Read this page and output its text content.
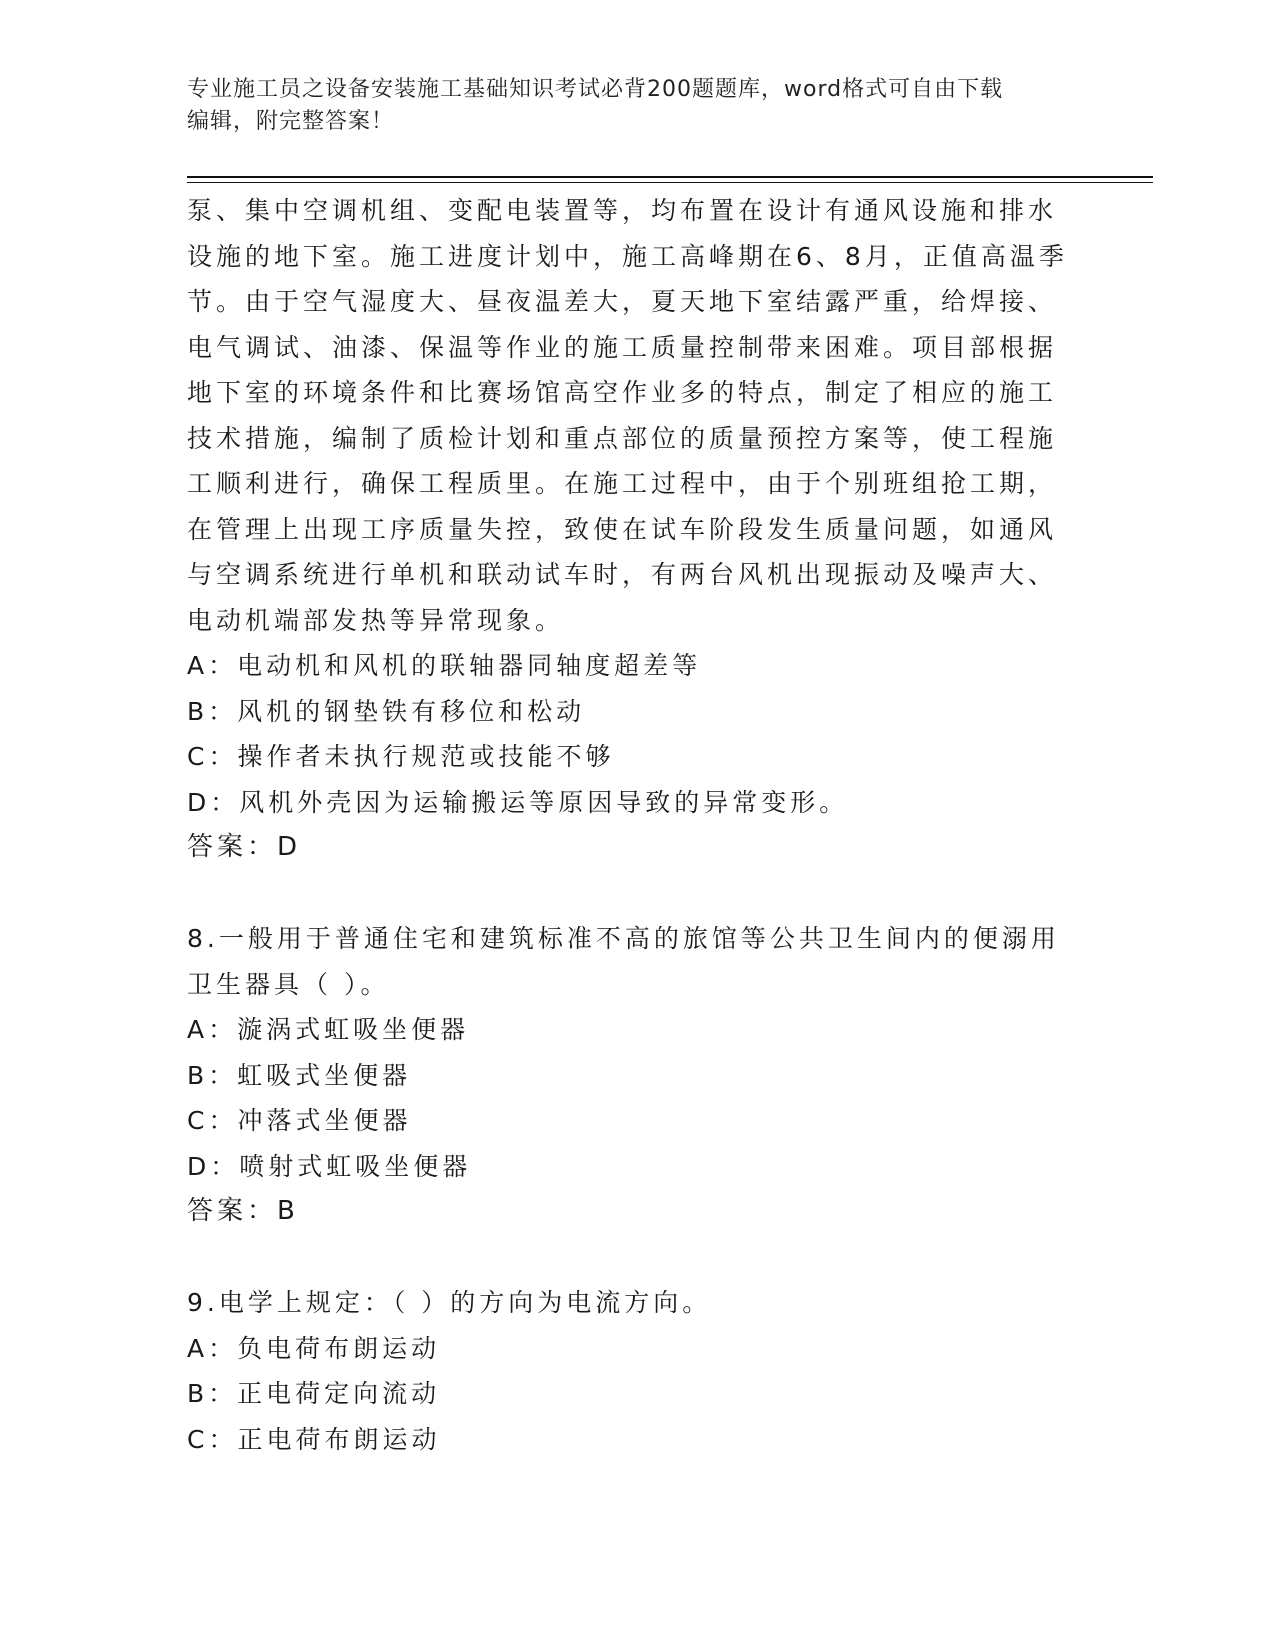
专业施工员之设备安装施工基础知识考试必背200题题库，word格式可自由下载
编辑，附完整答案！

泵、集中空调机组、变配电装置等，均布置在设计有通风设施和排水

设施的地下室。施工进度计划中，施工高峰期在6、8月，正值高温季

节。由于空气湿度大、昼夜温差大，夏天地下室结露严重，给焊接、

电气调试、油漆、保温等作业的施工质量控制带来困难。项目部根据

地下室的环境条件和比赛场馆高空作业多的特点，制定了相应的施工

技术措施，编制了质检计划和重点部位的质量预控方案等，使工程施

工顺利进行，确保工程质里。在施工过程中，由于个别班组抢工期，

在管理上出现工序质量失控，致使在试车阶段发生质量问题，如通风

与空调系统进行单机和联动试车时，有两台风机出现振动及噪声大、

电动机端部发热等异常现象。

A：电动机和风机的联轴器同轴度超差等

B：风机的钢垫铁有移位和松动

C：操作者未执行规范或技能不够

D：风机外壳因为运输搬运等原因导致的异常变形。

答案：D

8.一般用于普通住宅和建筑标准不高的旅馆等公共卫生间内的便溺用

卫生器具（ ）。

A：漩涡式虹吸坐便器

B：虹吸式坐便器

C：冲落式坐便器

D：喷射式虹吸坐便器

答案：B

9.电学上规定：（ ）的方向为电流方向。

A：负电荷布朗运动

B：正电荷定向流动

C：正电荷布朗运动
